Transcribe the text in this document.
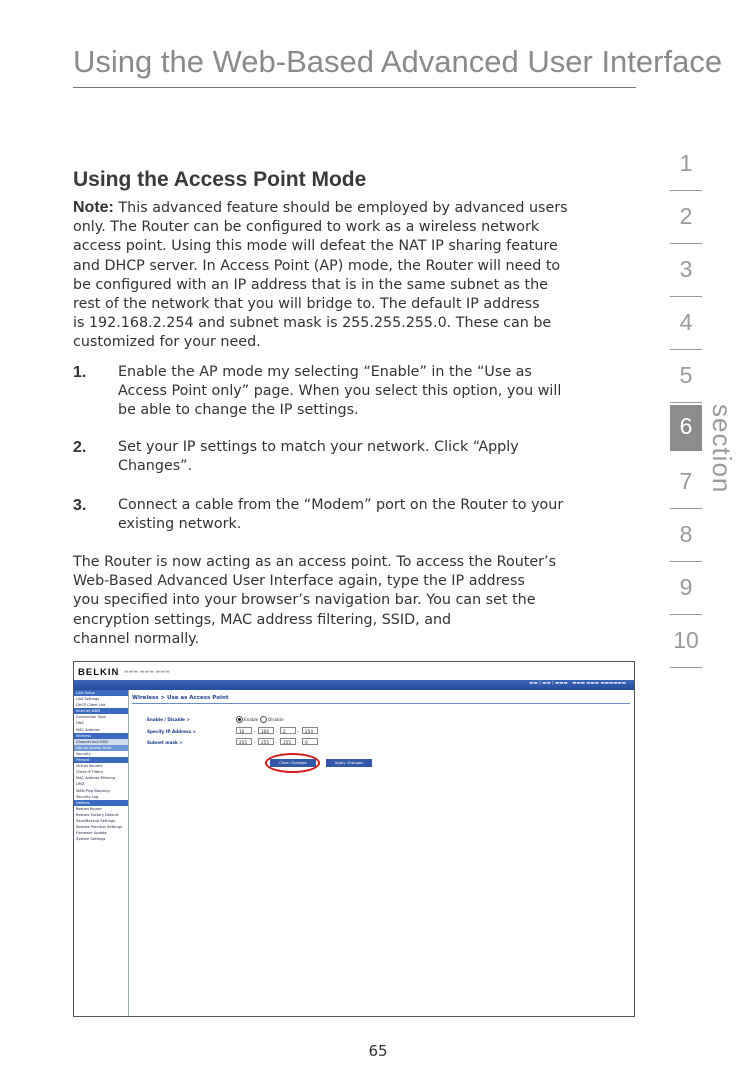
Using the Web-Based Advanced User Interface
Using the Access Point Mode
Note: This advanced feature should be employed by advanced users
only. The Router can be configured to work as a wireless network
access point. Using this mode will defeat the NAT IP sharing feature
and DHCP server. In Access Point (AP) mode, the Router will need to
be configured with an IP address that is in the same subnet as the
rest of the network that you will bridge to. The default IP address
is 192.168.2.254 and subnet mask is 255.255.255.0. These can be
customized for your need.
1. Enable the AP mode my selecting “Enable” in the “Use as
Access Point only” page. When you select this option, you will
be able to change the IP settings.
2. Set your IP settings to match your network. Click “Apply
Changes”.
3. Connect a cable from the “Modem” port on the Router to your
existing network.
The Router is now acting as an access point. To access the Router’s
Web-Based Advanced User Interface again, type the IP address
you specified into your browser’s navigation bar. You can set the
encryption settings, MAC address filtering, SSID, and
channel normally.
1
2
3
4
5
6
7
8
9
10
section
BELKIN ▬▬▬ ▬▬▬ ▬▬▬
▬▬ | ▬▬ | ▬▬▬   ▬▬▬ ▬▬▬ ▬▬▬▬▬▬
LAN Setup
LAN Settings
DHCP Client List
Internet WAN
Connection Type
DNS
MAC Address
Wireless
Channel and SSID
Use as Access Point
Security
Firewall
Virtual Servers
Client IP Filters
MAC Address Filtering
DMZ
WAN Ping Blocking
Security Log
Utilities
Restart Router
Restore Factory Default
Save/Backup Settings
Restore Previous Settings
Firmware Update
System Settings
Wireless > Use as Access Point
Enable / Disable >	Enable Disable
Specify IP Address >	10	.	100	.	2	.	254
Subnet mask >	255	.	255	.	255	.	0
Clear Changes	Apply Changes
65
